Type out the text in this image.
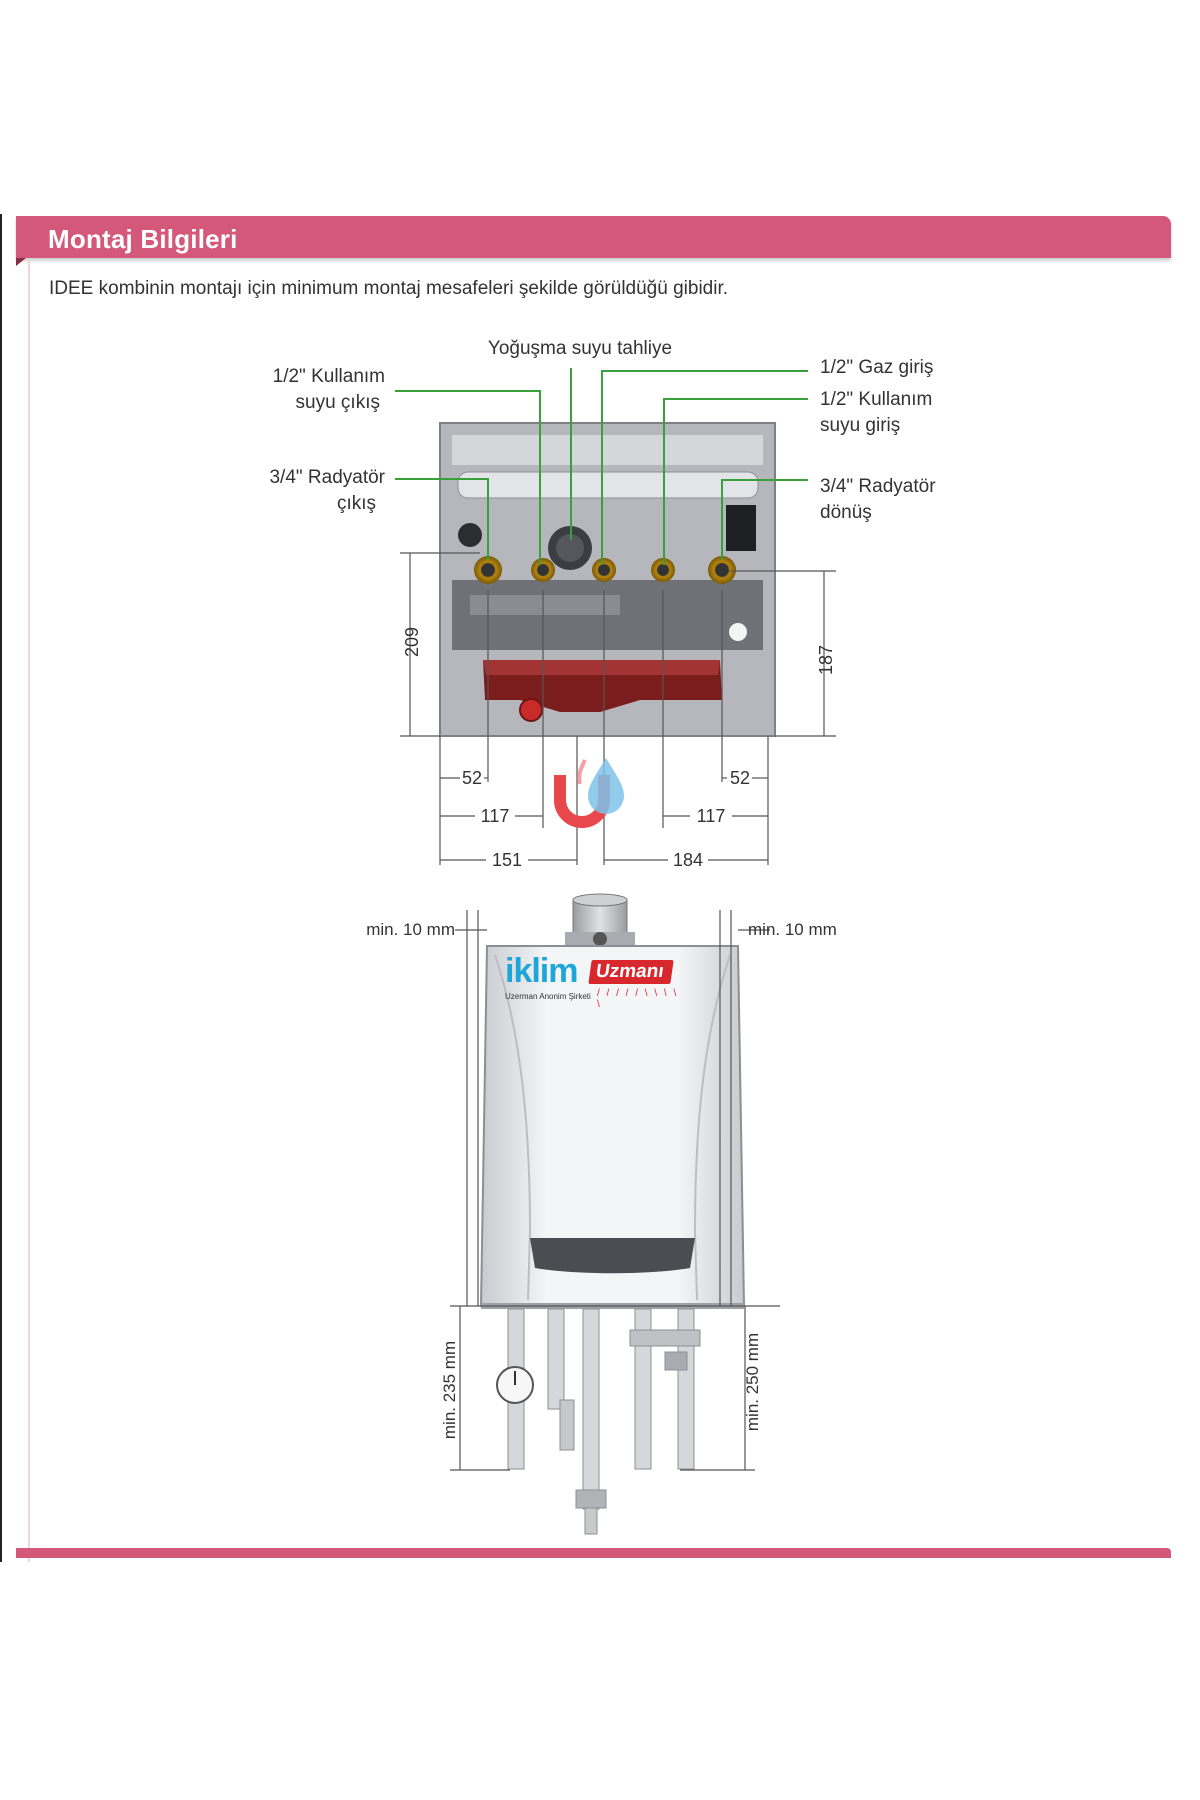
Montaj Bilgileri
IDEE kombinin montajı için minimum montaj mesafeleri şekilde görüldüğü gibidir.
1/2" Kullanım
suyu çıkış
Yoğuşma suyu tahliye
1/2" Gaz giriş
1/2" Kullanım
suyu giriş
3/4" Radyatör
çıkış
3/4" Radyatör
dönüş
209
187
52	52
117	117
151	184
min. 10 mm	min. 10 mm
min. 235 mm	min. 250 mm
iklim Uzmanı
Uzerman Anonim Şirketi / / / / / \ \ \ \ \
